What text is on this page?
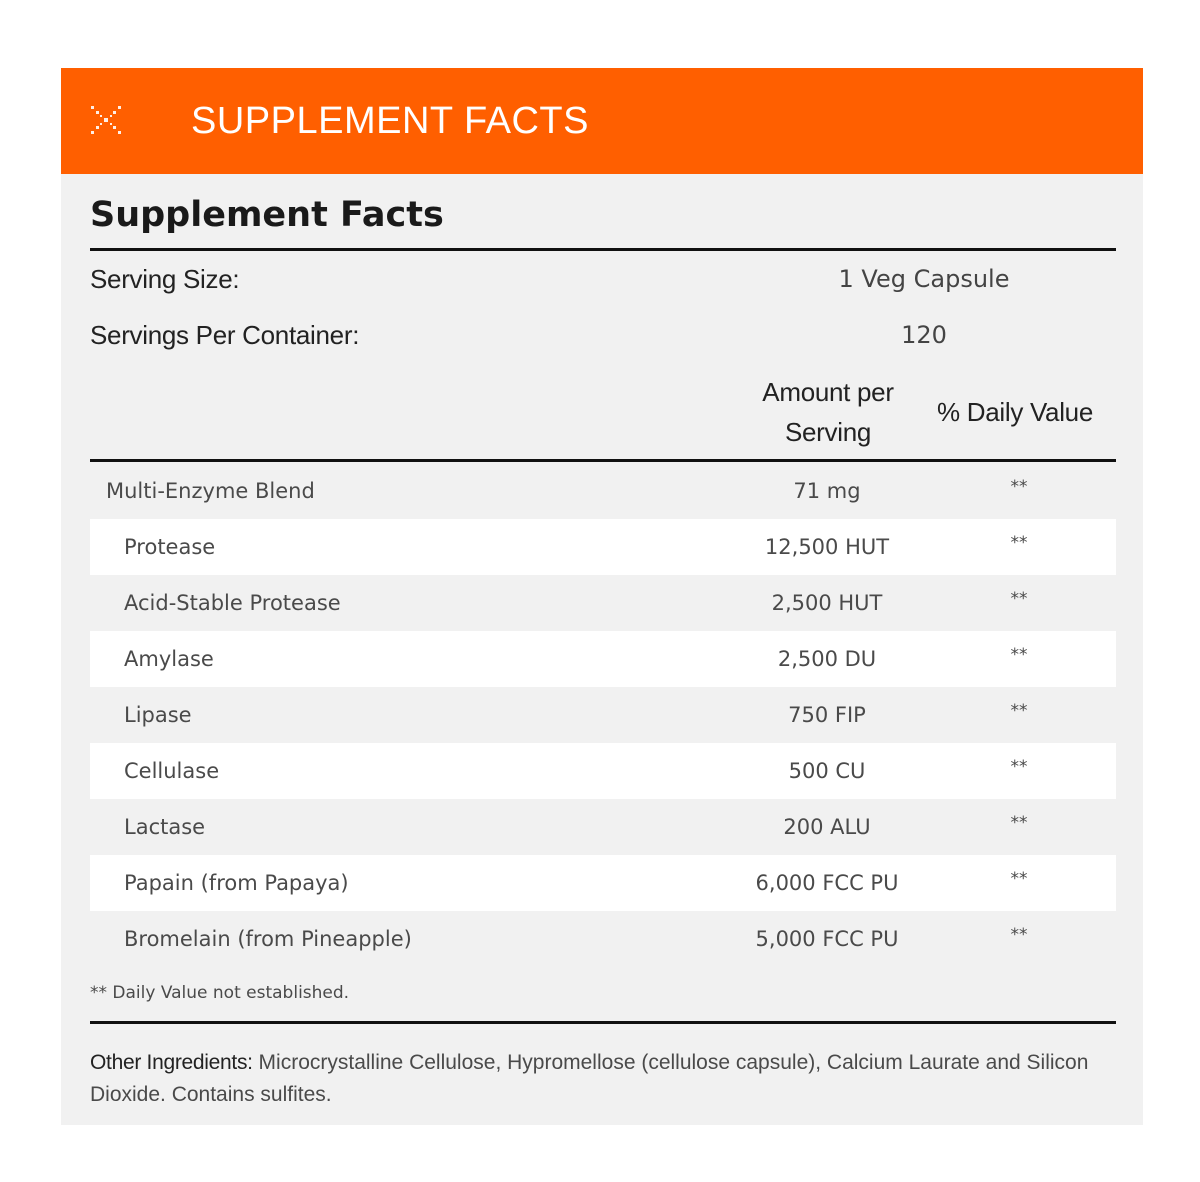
SUPPLEMENT FACTS
Supplement Facts
Serving Size:	1 Veg Capsule
Servings Per Container:	120
Amount per
Serving
% Daily Value
Multi-Enzyme Blend	71 mg	**
Protease	12,500 HUT	**
Acid-Stable Protease	2,500 HUT	**
Amylase	2,500 DU	**
Lipase	750 FIP	**
Cellulase	500 CU	**
Lactase	200 ALU	**
Papain (from Papaya)	6,000 FCC PU	**
Bromelain (from Pineapple)	5,000 FCC PU	**
** Daily Value not established.
Other Ingredients: Microcrystalline Cellulose, Hypromellose (cellulose capsule), Calcium Laurate and Silicon Dioxide. Contains sulfites.
